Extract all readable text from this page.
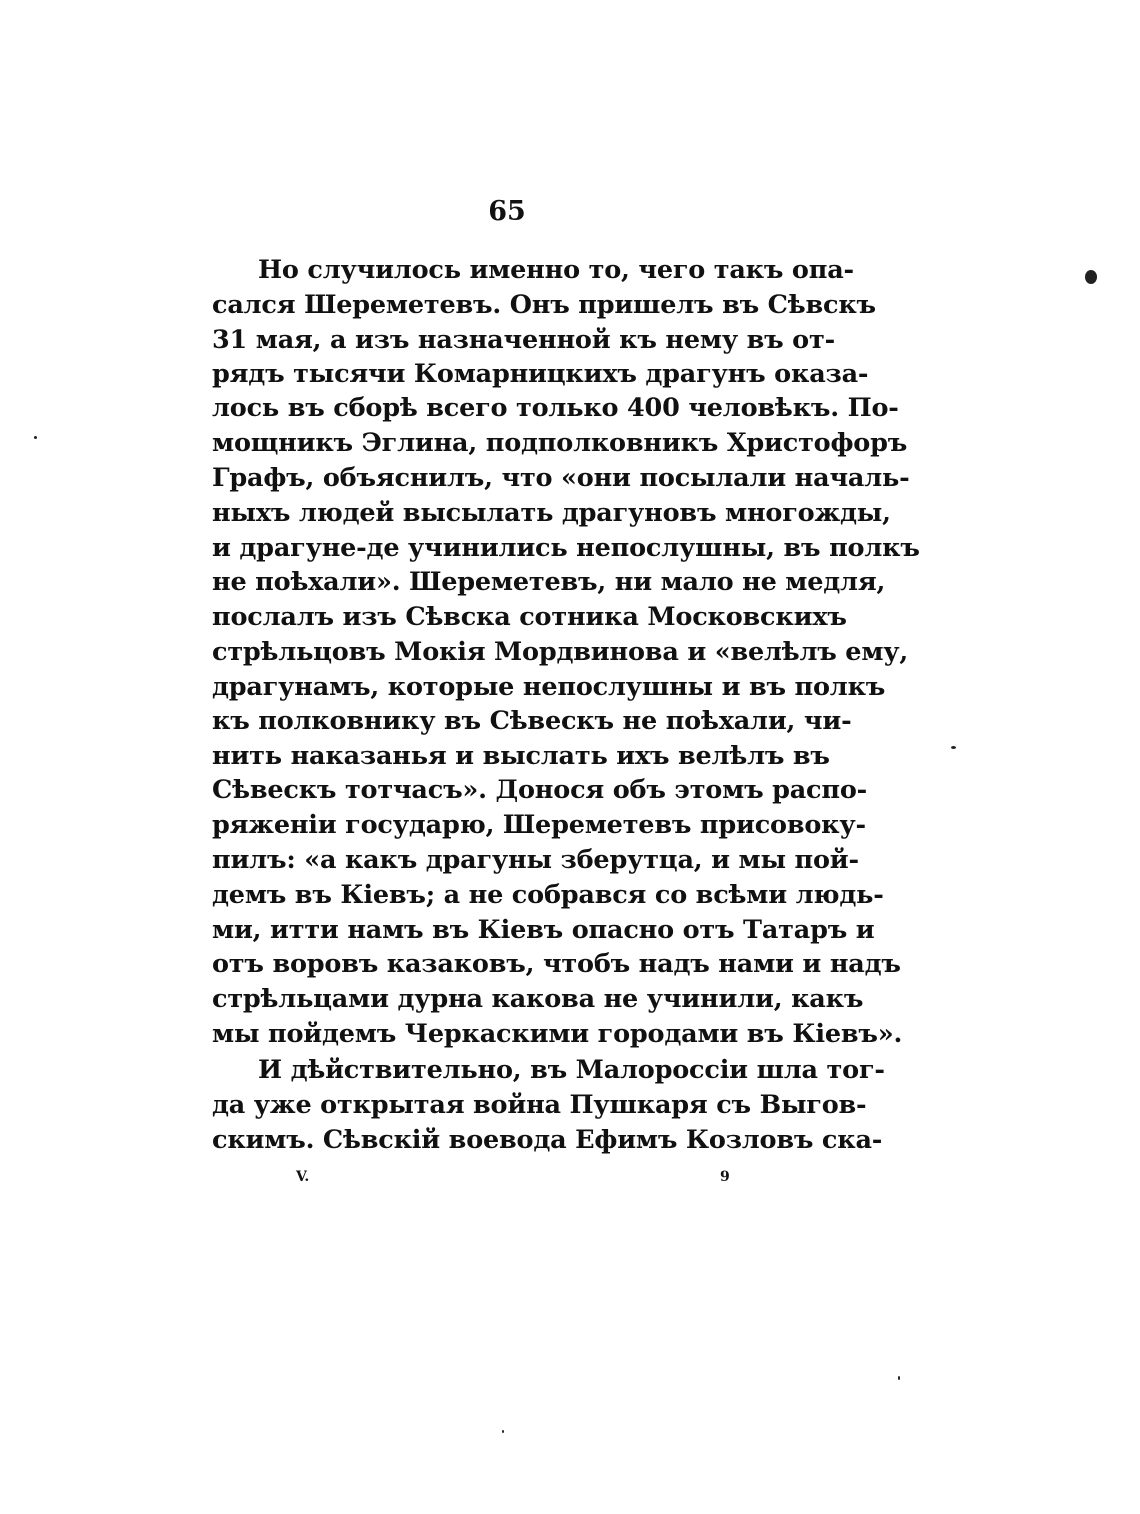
65
Но случилось именно то, чего такъ опа-
сался Шереметевъ. Онъ пришелъ въ Сѣвскъ
31 мая, а изъ назначенной къ нему въ от-
рядъ тысячи Комарницкихъ драгунъ оказа-
лось въ сборѣ всего только 400 человѣкъ. По-
мощникъ Эглина, подполковникъ Христофоръ
Графъ, объяснилъ, что «они посылали началь-
ныхъ людей высылать драгуновъ многожды,
и драгуне-де учинились непослушны, въ полкъ
не поѣхали». Шереметевъ, ни мало не медля,
послалъ изъ Сѣвска сотника Московскихъ
стрѣльцовъ Мокія Мордвинова и «велѣлъ ему,
драгунамъ, которые непослушны и въ полкъ
къ полковнику въ Сѣвескъ не поѣхали, чи-
нить наказанья и выслать ихъ велѣлъ въ
Сѣвескъ тотчасъ». Донося объ этомъ распо-
ряженіи государю, Шереметевъ присовоку-
пилъ: «а какъ драгуны зберутца, и мы пой-
демъ въ Кіевъ; а не собрався со всѣми людь-
ми, итти намъ въ Кіевъ опасно отъ Татаръ и
отъ воровъ казаковъ, чтобъ надъ нами и надъ
стрѣльцами дурна какова не учинили, какъ
мы пойдемъ Черкаскими городами въ Кіевъ».
И дѣйствительно, въ Малороссіи шла тог-
да уже открытая война Пушкаря съ Выгов-
скимъ. Сѣвскій воевода Ефимъ Козловъ ска-
V.	9
